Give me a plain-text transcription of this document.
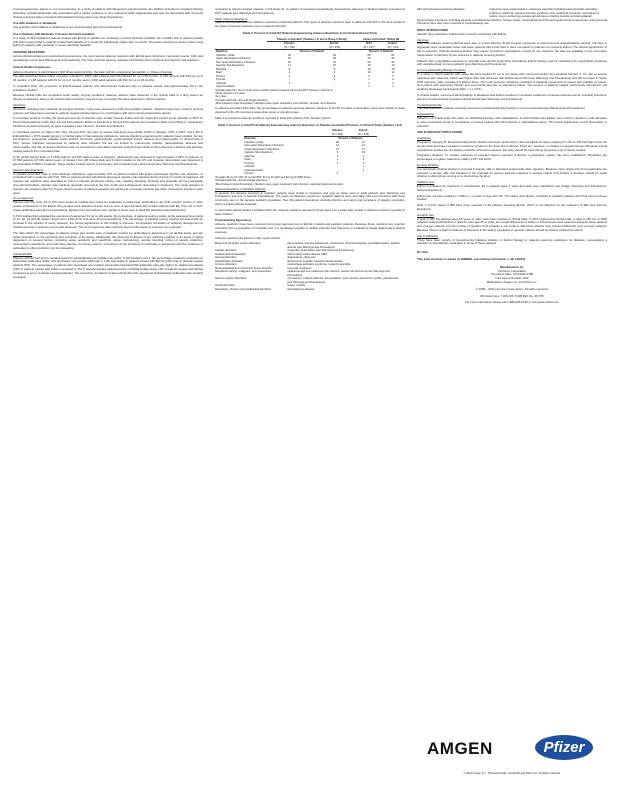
immunosuppressive agents is not recommended. In a study of patients with Wegener's granulomatosis, the addition of Enbrel to standard therapy (including cyclophosphamide) was associated with a higher incidence of non-cutaneous solid malignancies and was not associated with improved clinical outcomes when compared with standard therapy alone [see Drug Interactions].

Use with Anakinra or Abatacept

Use of Enbrel with anakinra or abatacept is not recommended [see Drug Interactions].

Use in Patients with Moderate to Severe Alcoholic Hepatitis

In a study of 48 hospitalized patients treated with Enbrel or placebo for moderate to severe alcoholic hepatitis, the mortality rate in patients treated with Enbrel was similar to patients treated with placebo at 1 month but significantly higher after 6 months. Physicians should use caution when using Enbrel in patients with moderate to severe alcoholic hepatitis.

ADVERSE REACTIONS

Across clinical studies and postmarketing experience, the most serious adverse reactions with Enbrel were infections, neurologic events, CHF, and hematologic events [see Warnings and Precautions]. The most common adverse reactions with Enbrel were infections and injection site reactions.

Clinical Studies Experience
Adverse Reactions in Adult Patients With Rheumatoid Arthritis, Psoriatic Arthritis, Ankylosing Spondylitis, or Plaque Psoriasis

The data described below reflect exposure to Enbrel in 2219 adult patients with RA followed for up to 80 months, in 182 patients with PsA for up to 24 months, in 138 patients with AS for up to 6 months, and in 1204 adult patients with PsO for up to 18 months.

In controlled trials, the proportion of Enbrel-treated patients who discontinued treatment due to adverse events was approximately 4% in the indications studied.

Because clinical trials are conducted under widely varying conditions, adverse reaction rates observed in the clinical trials of a drug cannot be directly compared to rates in the clinical trials of another drug and may not predict the rates observed in clinical practice.

Infections

Infections, including viral, bacterial, and fungal infections, have been observed in adult and pediatric patients. Infections have been noted in all body systems and have been reported in patients receiving Enbrel alone or in combination with other immunosuppressive agents.

In controlled portions of trials, the types and severity of infection were similar between Enbrel and the respective control group (placebo or MTX for RA and PsA patients) in RA, PsA, AS and PsO patients. Rates of infections in RA and PsO patients are provided in Table 3 and Table 4, respectively. Infections consisted primarily of upper respiratory tract infection, sinusitis and influenza.

In controlled portions of trials in RA, PsA, AS and PsO, the rates of serious infections were similar (0.8% in placebo, 3.5% in MTX, and 1.4% in Enbrel/Enbrel + MTX-treated groups). In clinical trials in rheumatologic indications, serious infections experienced by patients have included, but are not limited to, pneumonia, cellulitis, septic arthritis, bronchitis, gastroenteritis, pyelonephritis, sepsis, abscess and osteomyelitis. In clinical trials in PsO, serious infections experienced by patients have included, but are not limited to, pneumonia, cellulitis, gastroenteritis, abscess and osteomyelitis. The rate of serious infections was not increased in open-label extension trials and was similar to that observed in Enbrel- and placebo-treated patients from controlled trials.

In 66 global clinical trials of 17,505 patients (21,015 patient-years of therapy), tuberculosis was observed in approximately 0.02% of patients. In 17,696 patients (27,169 patient-years of therapy) from 38 clinical trials and 4 cohort studies in the US and Canada, tuberculosis was observed in approximately 0.006% of patients. These studies include reports of pulmonary and extrapulmonary tuberculosis [see Warnings and Precautions].

Injection Site Reactions

In placebo-controlled trials in rheumatologic indications, approximately 37% of patients treated with Enbrel developed injection site reactions. In controlled trials in patients with PsO, 15% of patients treated with Enbrel developed injection site reactions during the first 3 months of treatment. All injection site reactions were described as mild to moderate (erythema, itching, pain, swelling, bleeding, bruising) and generally did not necessitate drug discontinuation. Injection site reactions generally occurred in the first month and subsequently decreased in frequency. The mean duration of injection site reactions was 3 to 5 days. Seven percent of patients experienced redness at a previous injection site when subsequent injections were given.

Immunogenicity

Patients with RA, PsA, AS or PsO were tested at multiple time points for antibodies to etanercept. Antibodies to the TNF receptor portion or other protein components of the Enbrel drug product were detected at least once in sera of approximately 6% of adult patients with RA, PsA, AS or PsO. These antibodies were all non-neutralizing. Results from JIA patients were similar to those seen in adult RA patients treated with Enbrel.

In PsO studies that evaluated the exposure of etanercept for up to 120 weeks, the percentage of patients testing positive at the assessed time points of 24, 48, 72 and 96 weeks ranged from 3.6%–8.7% and were all non-neutralizing. The percentage of patients testing positive increased with an increase in the duration of study; however, the clinical significance of this finding is unknown. No apparent correlation of antibody development to clinical response or adverse events was observed. The immunogenicity data of Enbrel beyond 120 weeks of exposure are unknown.

The data reflect the percentage of patients whose test results were considered positive for antibodies to etanercept in an ELISA assay, and are highly dependent on the sensitivity and specificity of the assay. Additionally, the observed incidence of any antibody positivity in an assay is highly dependent on several factors, including assay sensitivity and specificity, assay methodology, sample handling, timing of sample collection, concomitant medications, and underlying disease. For these reasons, comparison of the incidence of antibodies to etanercept with the incidence of antibodies to other products may be misleading.

Autoantibodies

Patients with RA had serum samples tested for autoantibodies at multiple time points. In RA Studies I and II, the percentage of patients evaluated for antinuclear antibodies (ANA) who developed new positive ANA (titer ≥ 1:40) was higher in patients treated with Enbrel (11%) than in placebo-treated patients (5%). The percentage of patients who developed new positive anti-double-stranded DNA antibodies was also higher by radioimmunoassay (15% of patients treated with Enbrel compared to 4% of placebo-treated patients) and by Crithidia luciliae assay (3% of patients treated with Enbrel compared to none of placebo-treated patients). The proportion of patients treated with Enbrel who developed anticardiolipin antibodies was similarly increased

compared to placebo-treated patients. In RA Study III, no pattern of increased autoantibody development was seen in Enbrel patients compared to MTX patients [see Warnings and Precautions].

Other Adverse Reactions

Table 3 summarizes adverse reactions reported in adult RA patients. The types of adverse reactions seen in patients with PsA or AS were similar to the types of adverse reactions seen in patients with RA.

Table 2. Percent of Adult RA Patients Experiencing Adverse Reactions in Controlled Clinical Trials
	Placebo Controlledª (Studies I, II, and a Phase 2 Study)		Active Controlledᵇ (Study III)	
	Placebo	Enbrelᶜ	MTX	Enbrelᶜ
	(N = 152)	(N = 349)	(N = 217)	(N = 415)
Reaction	Percent of Patients		Percent of Patients	
Infectionᵈ (total)	39	50	86	81
Upper Respiratory Infectionsᵉ	30	38	70	65
Non-upper Respiratory Infections	15	21	59	54
Injection Site Reactions	11	37	18	43
Diarrhea	9	8	16	16
Rash	2	3	19	13
Pruritus	1	2	5	5
Pyrexia	-	3	4	2
Urticaria	1	-	4	2
Hypersensitivity	-	-	1	1
ªIncludes data from the 6-month study in which patients received concurrent MTX therapy in both arms.
ᵇStudy duration of 2 years.
ᶜAny dose.
ᵈIncludes bacterial, viral, and fungal infections.
ᵉMost frequent Upper Respiratory Infections were upper respiratory tract infection, sinusitis, and influenza.

In placebo-controlled PsO trials, the percentages of patients reporting adverse reactions in the 50 mg twice a week dose group were similar to those observed in the 25 mg twice a week dose group or placebo group.

Table 3 summarizes adverse reactions reported in adult PsO patients from Studies I and II.

Table 4. Percent of Adult PsO Patients Experiencing Adverse Reactions in Placebo-Controlled Portions of Clinical Trials (Studies I & II)
	Placebo	Enbrelª
	(N = 359)	(N = 876)
Reaction	Percent of Patients	
Infectionᵇ (total)	28	27
Non-upper Respiratory Infections	14	12
Upper Respiratory Infectionsᶜ	17	17
Injection Site Reactions	6	15
Diarrhea	2	3
Rash	1	1
Pruritus	2	1
Urticaria	-	1
Hypersensitivity	-	1
Pyrexia	1	-
ªIncludes 25 mg SC QW, 25 mg SC BIW, 50 mg SC QW, and 50 mg SC BIW doses.
ᵇIncludes bacterial, viral and fungal infections.
ᶜMost frequent Upper Respiratory Infections were upper respiratory tract infection, nasopharyngitis and sinusitis.
Adverse Reactions in Pediatric Patients

In general, the adverse reactions in pediatric patients were similar in frequency and type as those seen in adult patients [see Warnings and Precautions and Use in Specific Populations]. The types of infections reported in pediatric patients were generally mild and consistent with those commonly seen in the general pediatric population. Two JIA patients developed varicella infection and signs and symptoms of aseptic meningitis, which resolved without sequelae.

In open-label clinical studies of children with JIA, adverse reactions reported in those ages 2 to 4 years were similar to adverse reactions reported in older children.

Postmarketing Experience

Adverse reactions have been reported during post approval use of Enbrel in adults and pediatric patients. Because these reactions are reported voluntarily from a population of uncertain size, it is not always possible to reliably estimate their frequency or establish a causal relationship to Enbrel exposure.

Adverse reactions are listed by body system below:

Blood and lymphatic system disorders:	pancytopenia, anemia, leukopenia, neutropenia, thrombocytopenia, lymphadenopathy, aplastic anemia [see Warnings and Precautions]
Cardiac disorders:	congestive heart failure [see Warnings and Precautions]
Gastrointestinal disorders:	inflammatory bowel disease (IBD)
General disorders:	angioedema, chest pain
Hepatobiliary disorders:	autoimmune hepatitis, elevated transaminases
Immune disorders:	macrophage activation syndrome, systemic vasculitis
Musculoskeletal and connective tissue disorders:	lupus-like syndrome
Neoplasms benign, malignant, and unspecified:	melanoma and non-melanoma skin cancers, merkel cell carcinoma [see Warnings and Precautions]
Nervous system disorders:	convulsions, multiple sclerosis, demyelination, optic neuritis, transverse myelitis, paresthesias [see Warnings and Precautions]
Ocular disorders:	uveitis, scleritis
Respiratory, thoracic and mediastinal disorders:	interstitial lung disease
Skin and subcutaneous tissue disorders:	cutaneous lupus erythematosus, cutaneous vasculitis (including leukocytoclastic vasculitis), erythema multiforme, Stevens-Johnson syndrome, toxic epidermal necrolysis, subcutaneous nodule, new or worsening psoriasis (all sub-types including pustular and palmoplantar)

Opportunistic infections, including atypical mycobacterial infection, herpes zoster, aspergillosis and Pneumocystis jiroveci pneumonia, and protozoal infections have also been reported in postmarketing use.

DRUG INTERACTIONS

Specific drug interaction studies have not been conducted with Enbrel.

Vaccines

Most PsA patients receiving Enbrel were able to mount effective B-cell immune responses to pneumococcal polysaccharide vaccine, but titers in aggregate were moderately lower and fewer patients had 2-fold rises in titers compared to patients not receiving Enbrel. The clinical significance of this is unknown. Patients receiving Enbrel may receive concurrent vaccinations, except for live vaccines. No data are available on the secondary transmission of infection by live vaccines in patients receiving Enbrel.

Patients with a significant exposure to varicella virus should temporarily discontinue Enbrel therapy and be considered for prophylactic treatment with varicella zoster immune globulin [see Warnings and Precautions].

Immune-Modulating Biologic Products

In a study in which patients with active RA were treated for up to 24 weeks with concurrent Enbrel and anakinra therapy, a 7% rate of serious infections was observed, which was higher than that observed with Enbrel alone (0%) [see Warnings and Precautions] and did not result in higher ACR response rates compared to Enbrel alone. The most common infections consisted of bacterial pneumonia (4 cases) and cellulitis (4 cases). One patient with pulmonary fibrosis and pneumonia died due to respiratory failure. Two percent of patients treated concurrently with Enbrel and anakinra developed neutropenia (ANC < 1 x 10⁹/L).

In clinical studies, concurrent administration of abatacept and Enbrel resulted in increased incidences of serious adverse events, including infections, and did not demonstrate increased clinical benefit [see Warnings and Precautions].

Cyclophosphamide

The use of Enbrel in patients receiving concurrent cyclophosphamide therapy is not recommended [see Warnings and Precautions].

Sulfasalazine

Patients in a clinical study who were on established therapy with sulfasalazine, to which Enbrel was added, were noted to develop a mild decrease in mean neutrophil counts in comparison to groups treated with either Enbrel or sulfasalazine alone. The clinical significance of this observation is unknown.

USE IN SPECIFIC POPULATIONS
Pregnancy

Pregnancy Category B. Developmental toxicity studies have been performed in rats and rabbits at doses ranging from 60- to 100-fold higher than the human dose and have revealed no evidence of harm to the fetus due to Enbrel. There are, however, no studies in pregnant women. Because animal reproduction studies are not always predictive of human response, this drug should be used during pregnancy only if clearly needed.

Pregnancy Registry: To monitor outcomes of pregnant women exposed to Enbrel, a pregnancy registry has been established. Physicians are encouraged to register patients by calling 1-877-311-8972.

Nursing Mothers

It is not known whether Enbrel is excreted in human milk or absorbed systemically after ingestion. Because many drugs and immunoglobulins are excreted in human milk, and because of the potential for serious adverse reactions in nursing infants from Enbrel, a decision should be made whether to discontinue nursing or to discontinue the drug.

Pediatric Use

Enbrel is indicated for treatment of polyarticular JIA in patients ages 2 years and older [see Indications and Usage, Warnings and Precautions, Adverse Reactions].

Enbrel has not been studied in children < 2 years of age with JIA. The safety and efficacy of Enbrel in pediatric patients with PsO have not been studied.

Rare (< 0.1%) cases of IBD have been reported in JIA patients receiving Enbrel, which is not effective for the treatment of IBD [see Adverse Reactions].

Geriatric Use

A total of 480 RA patients ages 65 years or older have been studied in clinical trials. In PsO randomized clinical trials, a total of 138 out of 1965 subjects treated with Enbrel or placebo were age 65 or older. No overall differences in safety or effectiveness were observed between these patients and younger patients, but the number of geriatric PsO subjects is too small to determine whether they respond differently from younger subjects. Because there is a higher incidence of infections in the elderly population in general, caution should be used in treating the elderly.

Use in Diabetics

There have been reports of hypoglycemia following initiation of Enbrel therapy in patients receiving medication for diabetes, necessitating a reduction in anti-diabetic medication in some of these patients.

Rx Only.
This brief summary is based on ENBREL prescribing information v. 48: 12/2011
Manufactured by:
Immunex Corporation
Thousand Oaks, CA 91320-1789
US License Number 1132
Marketed by Amgen Inc. and Pfizer Inc.
© 1998 – 2011 Immunex Corporation. All rights reserved.
US Patent Nos. 7,915,225; 5,605,690; Re. 36,755.
For more information please call 1-888-436-2735 or visit www.enbrel.com
AMGEN	Pfizer
© 2011 Amgen Inc., Thousand Oaks, CA 91320 and Pfizer Inc. All rights reserved.
